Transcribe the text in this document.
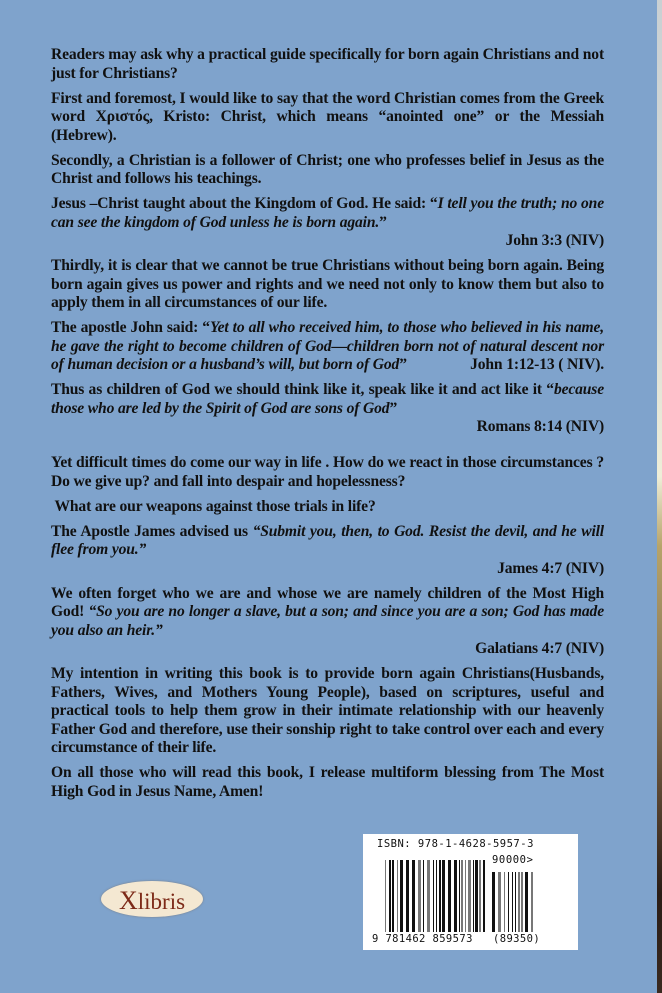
Readers may ask why a practical guide specifically for born again Christians and not just for Christians?

First and foremost, I would like to say that the word Christian comes from the Greek word Χριστός, Kristo: Christ, which means “anointed one” or the Messiah (Hebrew).

Secondly, a Christian is a follower of Christ; one who professes belief in Jesus as the Christ and follows his teachings.

Jesus –Christ taught about the Kingdom of God. He said: “I tell you the truth; no one can see the kingdom of God unless he is born again.”
John 3:3 (NIV)

Thirdly, it is clear that we cannot be true Christians without being born again. Being born again gives us power and rights and we need not only to know them but also to apply them in all circumstances of our life.

The apostle John said: “Yet to all who received him, to those who believed in his name, he gave the right to become children of God—children born not of natural descent nor of human decision or a husband’s will, but born of God”	John 1:12-13 ( NIV).

Thus as children of God we should think like it, speak like it and act like it “because those who are led by the Spirit of God are sons of God”
Romans 8:14 (NIV)

Yet difficult times do come our way in life . How do we react in those circumstances ? Do we give up? and fall into despair and hopelessness?

What are our weapons against those trials in life?

The Apostle James advised us “Submit you, then, to God. Resist the devil, and he will flee from you.”
James 4:7 (NIV)

We often forget who we are and whose we are namely children of the Most High God! “So you are no longer a slave, but a son; and since you are a son; God has made you also an heir.”
Galatians 4:7 (NIV)

My intention in writing this book is to provide born again Christians(Husbands, Fathers, Wives, and Mothers Young People), based on scriptures, useful and practical tools to help them grow in their intimate relationship with our heavenly Father God and therefore, use their sonship right to take control over each and every circumstance of their life.

On all those who will read this book, I release multiform blessing from The Most High God in Jesus Name, Amen!

Xlibris
ISBN: 978-1-4628-5957-3
90000>
9 781462 859573 (89350)
